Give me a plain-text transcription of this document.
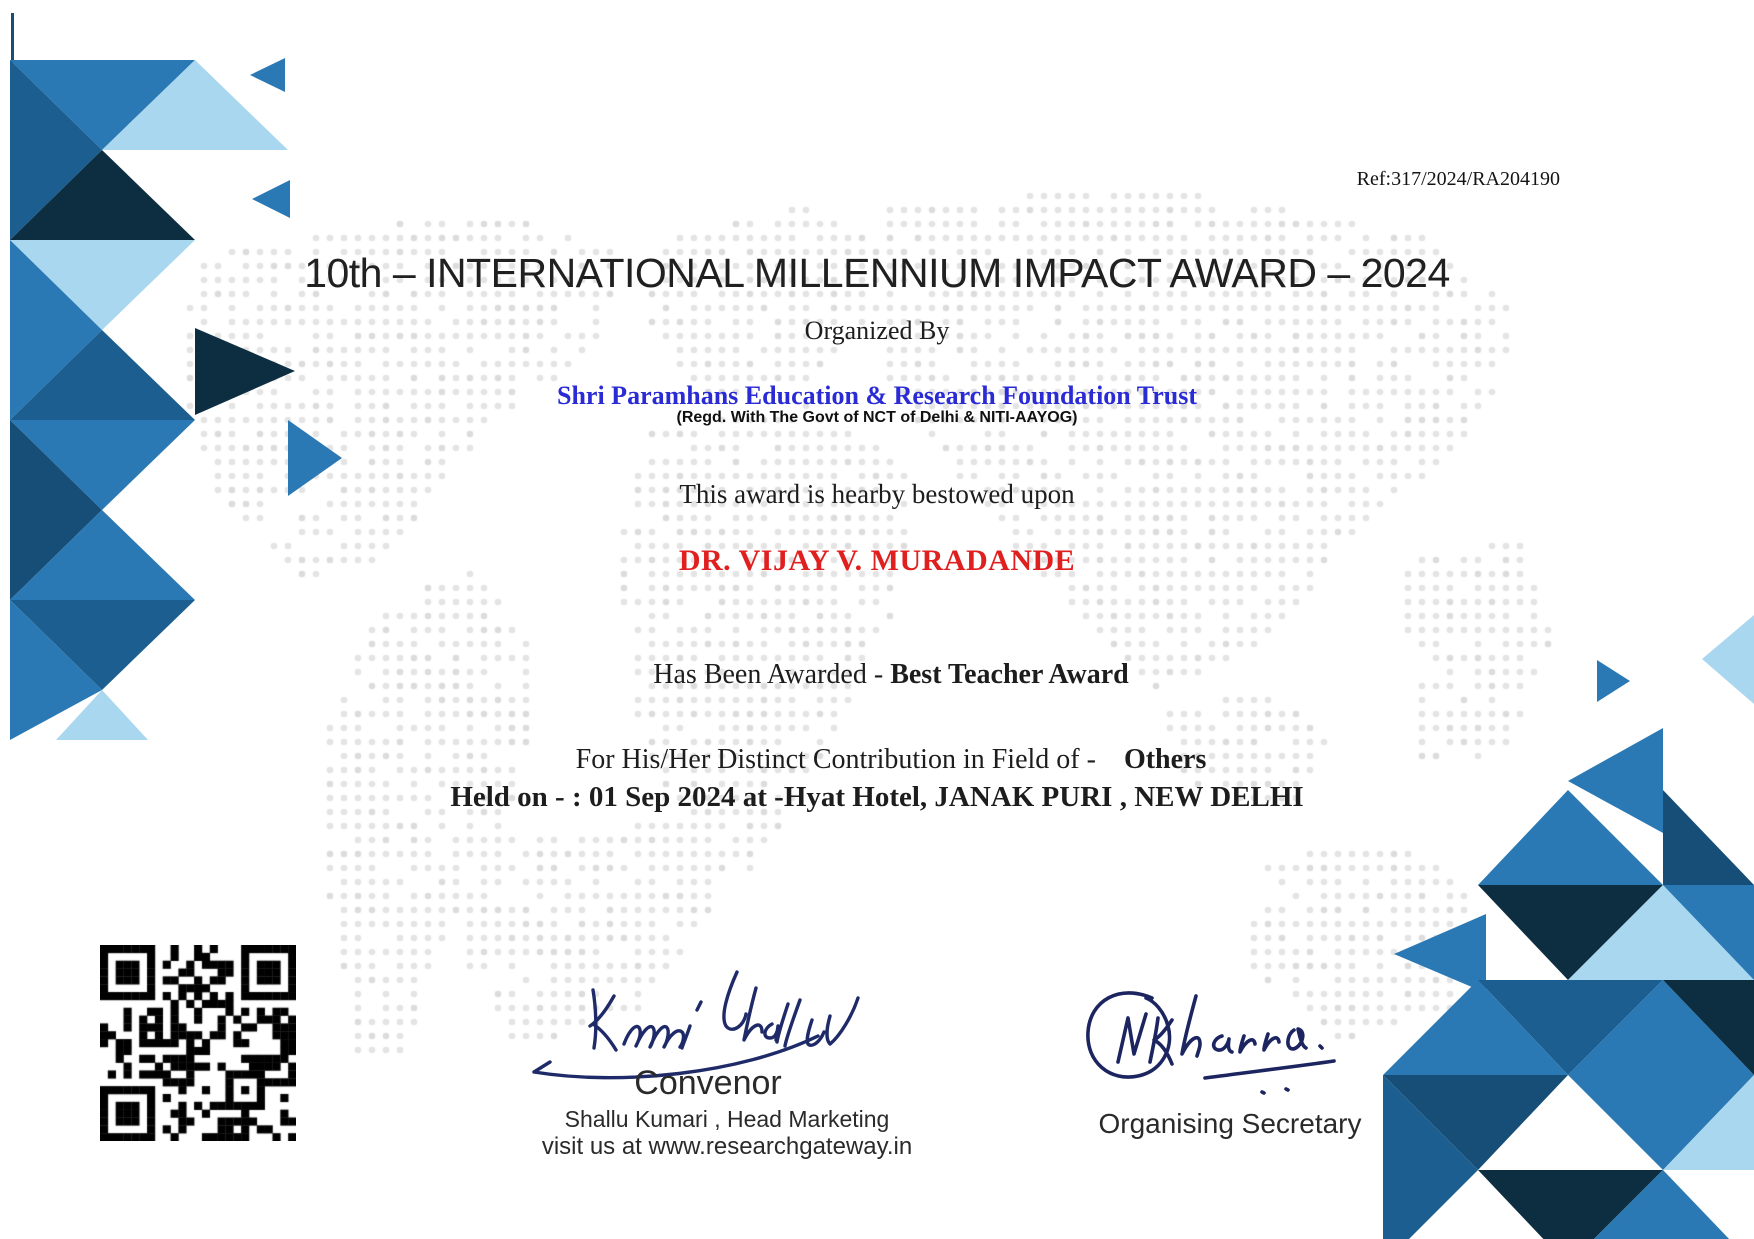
Ref:317/2024/RA204190
10th – INTERNATIONAL MILLENNIUM IMPACT AWARD – 2024
Organized By
Shri Paramhans Education & Research Foundation Trust
(Regd. With The Govt of NCT of Delhi & NITI-AAYOG)
This award is hearby bestowed upon
DR. VIJAY V. MURADANDE

Has Been Awarded - Best Teacher Award

For His/Her Distinct Contribution in Field of - Others

Held on - : 01 Sep 2024 at -Hyat Hotel, JANAK PURI , NEW DELHI
Convenor
Shallu Kumari , Head Marketing
visit us at www.researchgateway.in
Organising Secretary
